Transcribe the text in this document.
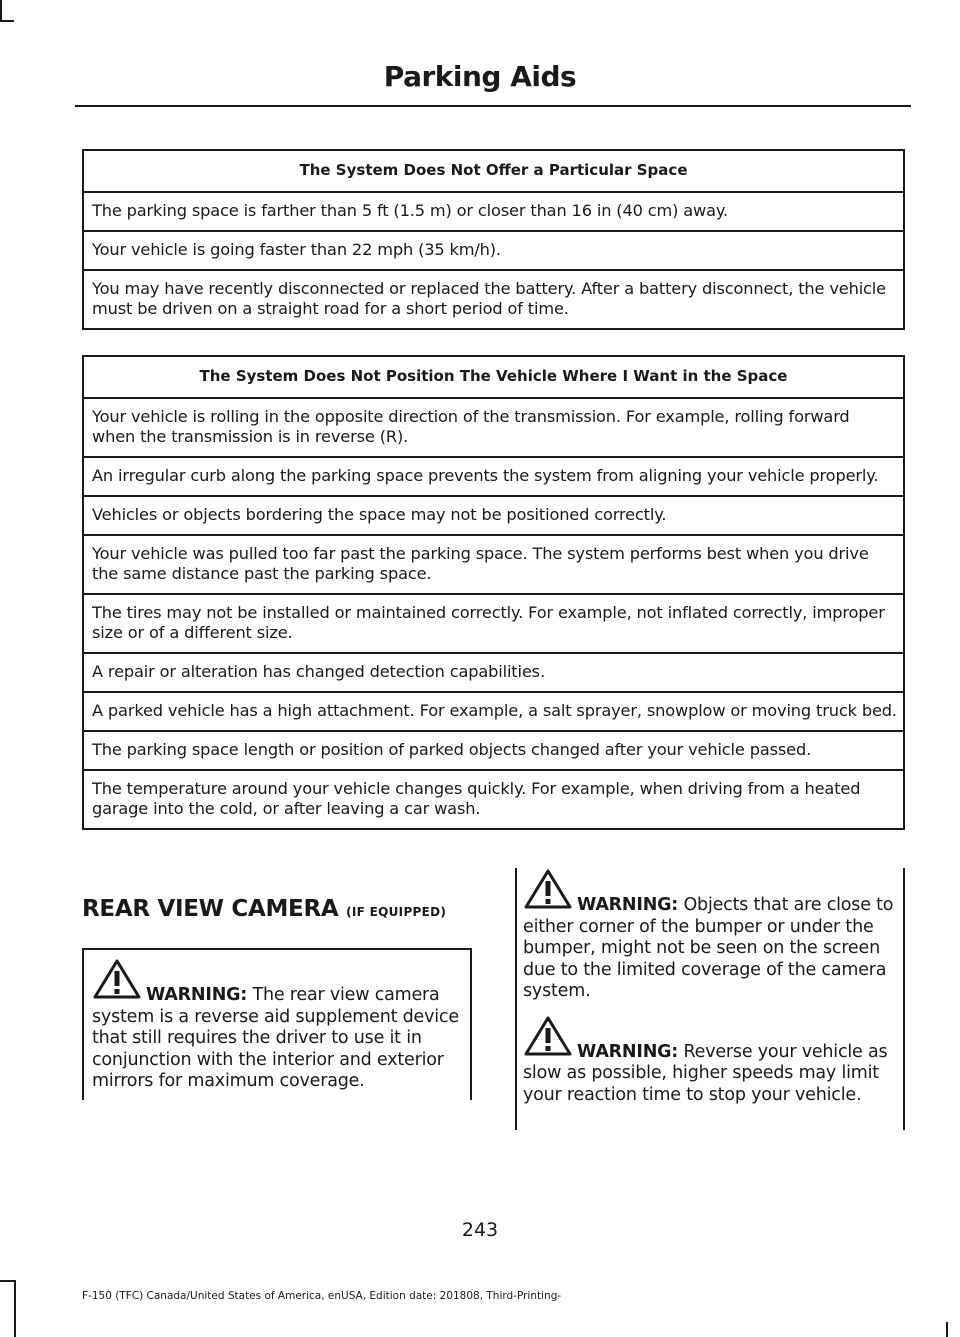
Parking Aids
The System Does Not Offer a Particular Space
The parking space is farther than 5 ft (1.5 m) or closer than 16 in (40 cm) away.
Your vehicle is going faster than 22 mph (35 km/h).
You may have recently disconnected or replaced the battery. After a battery disconnect, the vehicle must be driven on a straight road for a short period of time.
The System Does Not Position The Vehicle Where I Want in the Space
Your vehicle is rolling in the opposite direction of the transmission. For example, rolling forward when the transmission is in reverse (R).
An irregular curb along the parking space prevents the system from aligning your vehicle properly.
Vehicles or objects bordering the space may not be positioned correctly.
Your vehicle was pulled too far past the parking space. The system performs best when you drive the same distance past the parking space.
The tires may not be installed or maintained correctly. For example, not inflated correctly, improper size or of a different size.
A repair or alteration has changed detection capabilities.
A parked vehicle has a high attachment. For example, a salt sprayer, snowplow or moving truck bed.
The parking space length or position of parked objects changed after your vehicle passed.
The temperature around your vehicle changes quickly. For example, when driving from a heated garage into the cold, or after leaving a car wash.
REAR VIEW CAMERA (IF EQUIPPED)
WARNING: The rear view camera system is a reverse aid supplement device that still requires the driver to use it in conjunction with the interior and exterior mirrors for maximum coverage.
WARNING: Objects that are close to either corner of the bumper or under the bumper, might not be seen on the screen due to the limited coverage of the camera system.
WARNING: Reverse your vehicle as slow as possible, higher speeds may limit your reaction time to stop your vehicle.
243
F-150 (TFC) Canada/United States of America, enUSA, Edition date: 201808, Third-Printing-
